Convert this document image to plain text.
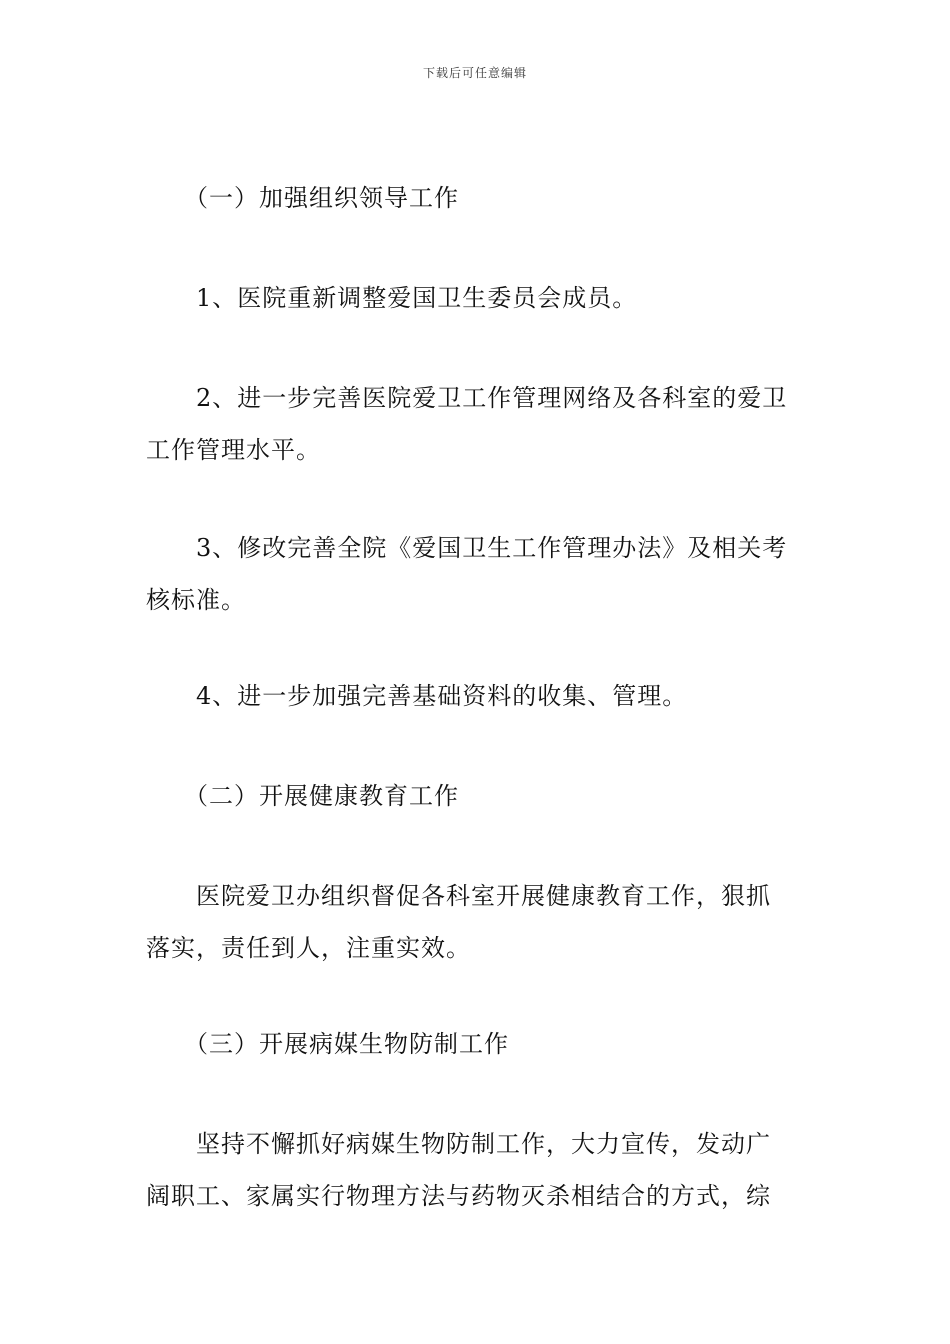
下载后可任意编辑

（一）加强组织领导工作

1、医院重新调整爱国卫生委员会成员。

2、进一步完善医院爱卫工作管理网络及各科室的爱卫
工作管理水平。

3、修改完善全院《爱国卫生工作管理办法》及相关考
核标准。

4、进一步加强完善基础资料的收集、管理。

（二）开展健康教育工作

医院爱卫办组织督促各科室开展健康教育工作，狠抓
落实，责任到人，注重实效。

（三）开展病媒生物防制工作

坚持不懈抓好病媒生物防制工作，大力宣传，发动广
阔职工、家属实行物理方法与药物灭杀相结合的方式，综
